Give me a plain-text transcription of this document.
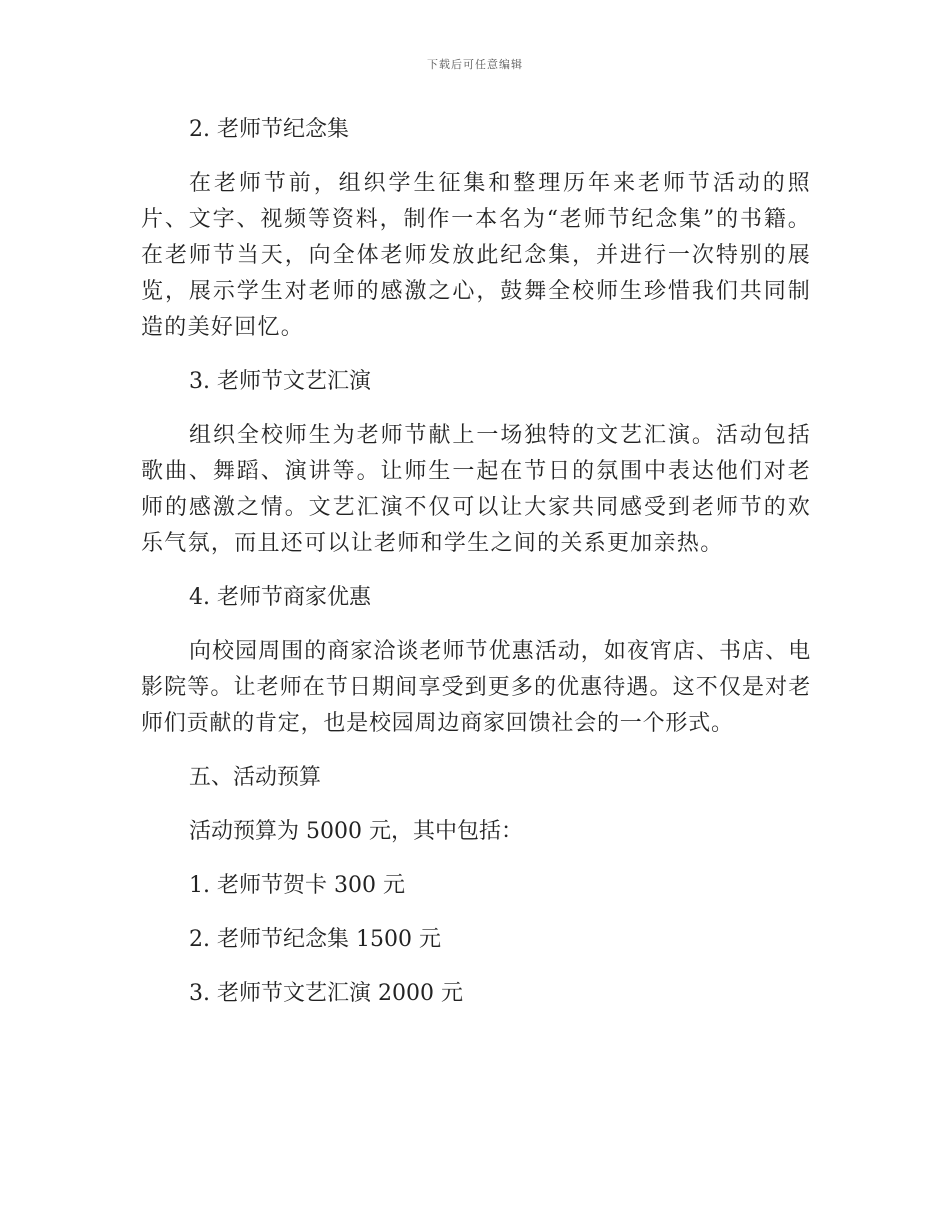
下载后可任意编辑
2. 老师节纪念集
在老师节前，组织学生征集和整理历年来老师节活动的照片、文字、视频等资料，制作一本名为“老师节纪念集”的书籍。在老师节当天，向全体老师发放此纪念集，并进行一次特别的展览，展示学生对老师的感激之心，鼓舞全校师生珍惜我们共同制造的美好回忆。
3. 老师节文艺汇演
组织全校师生为老师节献上一场独特的文艺汇演。活动包括歌曲、舞蹈、演讲等。让师生一起在节日的氛围中表达他们对老师的感激之情。文艺汇演不仅可以让大家共同感受到老师节的欢乐气氛，而且还可以让老师和学生之间的关系更加亲热。
4. 老师节商家优惠
向校园周围的商家洽谈老师节优惠活动，如夜宵店、书店、电影院等。让老师在节日期间享受到更多的优惠待遇。这不仅是对老师们贡献的肯定，也是校园周边商家回馈社会的一个形式。
五、活动预算
活动预算为 5000 元，其中包括：
1. 老师节贺卡 300 元
2. 老师节纪念集 1500 元
3. 老师节文艺汇演 2000 元
